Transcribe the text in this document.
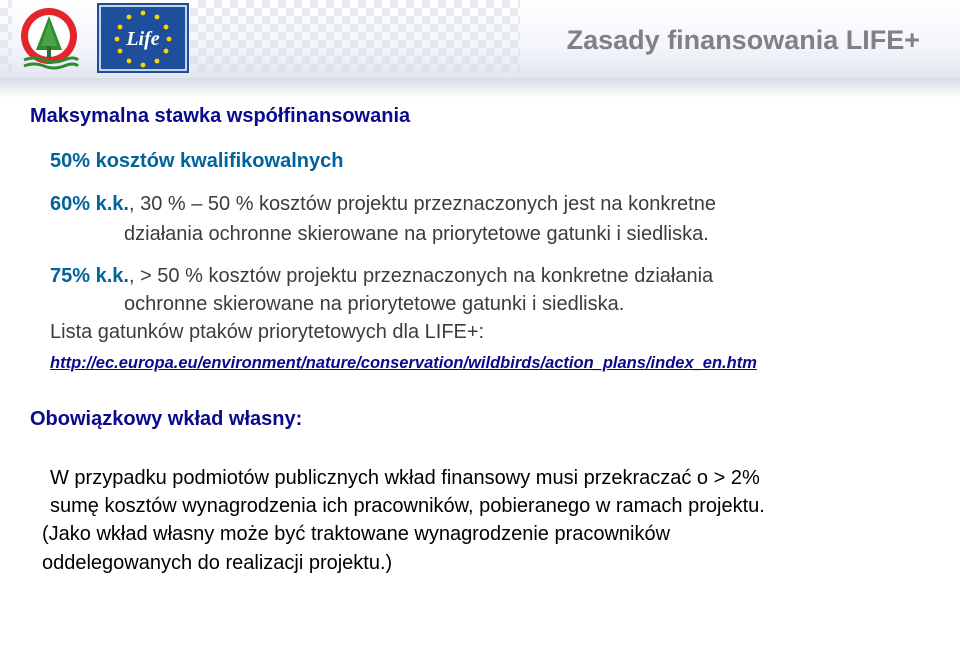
Life	Zasady finansowania LIFE+
Maksymalna stawka współfinansowania
50% kosztów kwalifikowalnych
60% k.k., 30 % – 50 % kosztów projektu przeznaczonych jest na konkretne
działania ochronne skierowane na priorytetowe gatunki i siedliska.
75% k.k., > 50 % kosztów projektu przeznaczonych na konkretne działania
ochronne skierowane na priorytetowe gatunki i siedliska.
Lista gatunków ptaków priorytetowych dla LIFE+:
http://ec.europa.eu/environment/nature/conservation/wildbirds/action_plans/index_en.htm
Obowiązkowy wkład własny:
W przypadku podmiotów publicznych wkład finansowy musi przekraczać o > 2%
sumę kosztów wynagrodzenia ich pracowników, pobieranego w ramach projektu.
(Jako wkład własny może być traktowane wynagrodzenie pracowników
oddelegowanych do realizacji projektu.)
